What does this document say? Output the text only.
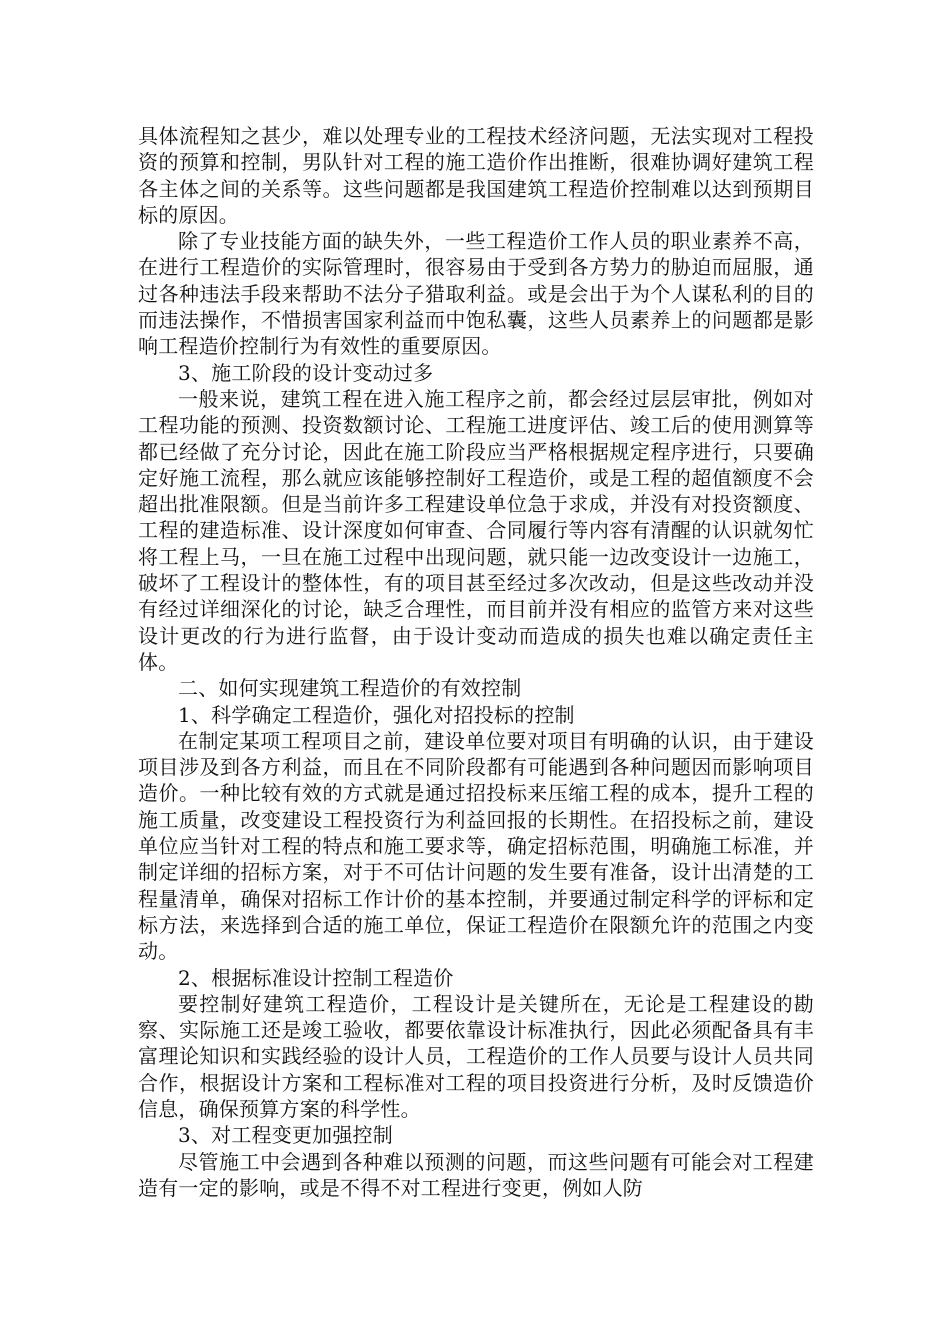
具体流程知之甚少，难以处理专业的工程技术经济问题，无法实现对工程投资的预算和控制，男队针对工程的施工造价作出推断，很难协调好建筑工程各主体之间的关系等。这些问题都是我国建筑工程造价控制难以达到预期目标的原因。

除了专业技能方面的缺失外，一些工程造价工作人员的职业素养不高，在进行工程造价的实际管理时，很容易由于受到各方势力的胁迫而屈服，通过各种违法手段来帮助不法分子猎取利益。或是会出于为个人谋私利的目的而违法操作，不惜损害国家利益而中饱私囊，这些人员素养上的问题都是影响工程造价控制行为有效性的重要原因。

3、施工阶段的设计变动过多

一般来说，建筑工程在进入施工程序之前，都会经过层层审批，例如对工程功能的预测、投资数额讨论、工程施工进度评估、竣工后的使用测算等都已经做了充分讨论，因此在施工阶段应当严格根据规定程序进行，只要确定好施工流程，那么就应该能够控制好工程造价，或是工程的超值额度不会超出批准限额。但是当前许多工程建设单位急于求成，并没有对投资额度、工程的建造标准、设计深度如何审查、合同履行等内容有清醒的认识就匆忙将工程上马，一旦在施工过程中出现问题，就只能一边改变设计一边施工，破坏了工程设计的整体性，有的项目甚至经过多次改动，但是这些改动并没有经过详细深化的讨论，缺乏合理性，而目前并没有相应的监管方来对这些设计更改的行为进行监督，由于设计变动而造成的损失也难以确定责任主体。

二、如何实现建筑工程造价的有效控制

1、科学确定工程造价，强化对招投标的控制

在制定某项工程项目之前，建设单位要对项目有明确的认识，由于建设项目涉及到各方利益，而且在不同阶段都有可能遇到各种问题因而影响项目造价。一种比较有效的方式就是通过招投标来压缩工程的成本，提升工程的施工质量，改变建设工程投资行为利益回报的长期性。在招投标之前，建设单位应当针对工程的特点和施工要求等，确定招标范围，明确施工标准，并制定详细的招标方案，对于不可估计问题的发生要有准备，设计出清楚的工程量清单，确保对招标工作计价的基本控制，并要通过制定科学的评标和定标方法，来选择到合适的施工单位，保证工程造价在限额允许的范围之内变动。

2、根据标准设计控制工程造价

要控制好建筑工程造价，工程设计是关键所在，无论是工程建设的勘察、实际施工还是竣工验收，都要依靠设计标准执行，因此必须配备具有丰富理论知识和实践经验的设计人员，工程造价的工作人员要与设计人员共同合作，根据设计方案和工程标准对工程的项目投资进行分析，及时反馈造价信息，确保预算方案的科学性。

3、对工程变更加强控制

尽管施工中会遇到各种难以预测的问题，而这些问题有可能会对工程建造有一定的影响，或是不得不对工程进行变更，例如人防
